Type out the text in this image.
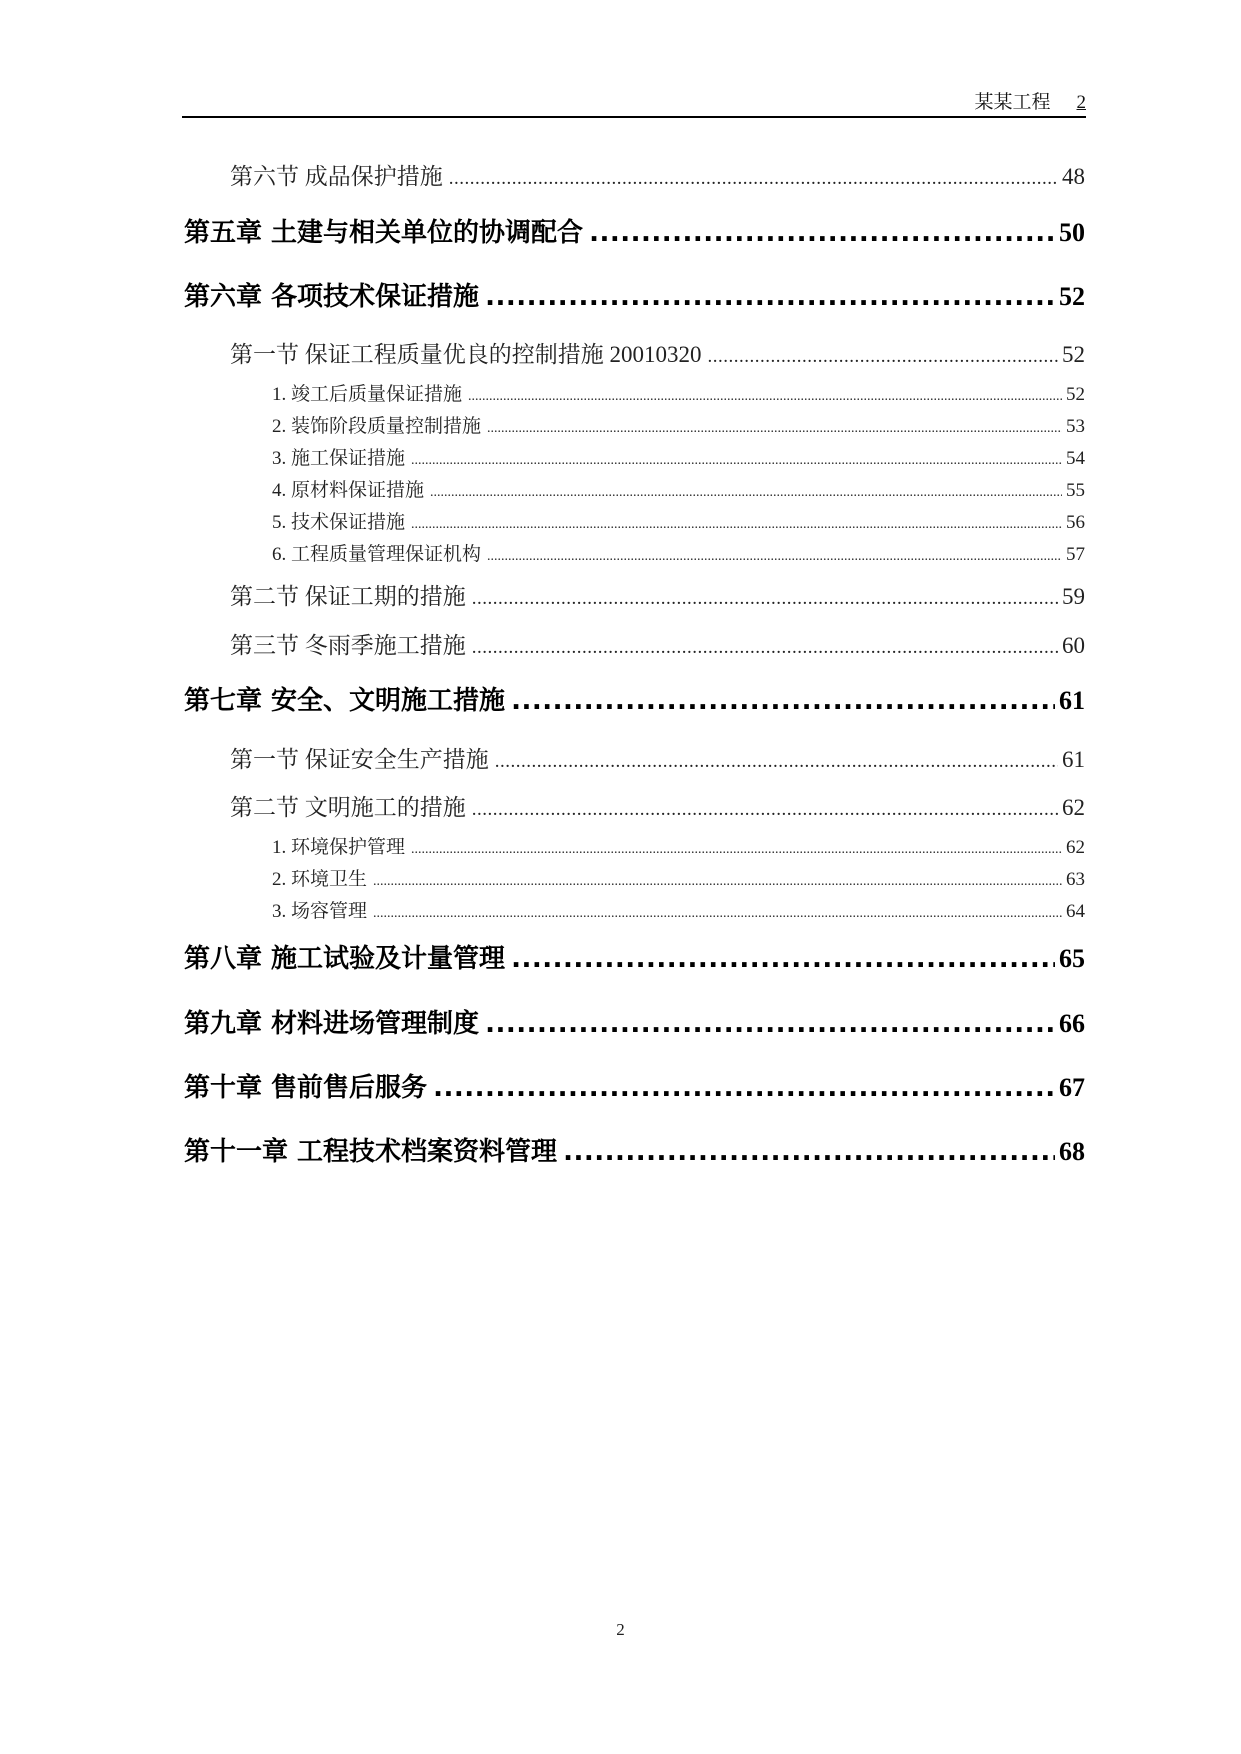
某某工程 2
第六节 成品保护措施 .....	48
第五章 土建与相关单位的协调配合 .....	50
第六章 各项技术保证措施 .....	52
第一节 保证工程质量优良的控制措施 20010320 .....	52
1. 竣工后质量保证措施 .....	52
2. 装饰阶段质量控制措施 .....	53
3. 施工保证措施 .....	54
4. 原材料保证措施 .....	55
5. 技术保证措施 .....	56
6. 工程质量管理保证机构 .....	57
第二节 保证工期的措施 .....	59
第三节 冬雨季施工措施 .....	60
第七章 安全、文明施工措施 .....	61
第一节 保证安全生产措施 .....	61
第二节 文明施工的措施 .....	62
1. 环境保护管理 .....	62
2. 环境卫生 .....	63
3. 场容管理 .....	64
第八章 施工试验及计量管理 .....	65
第九章 材料进场管理制度 .....	66
第十章 售前售后服务 .....	67
第十一章 工程技术档案资料管理 .....	68
2
